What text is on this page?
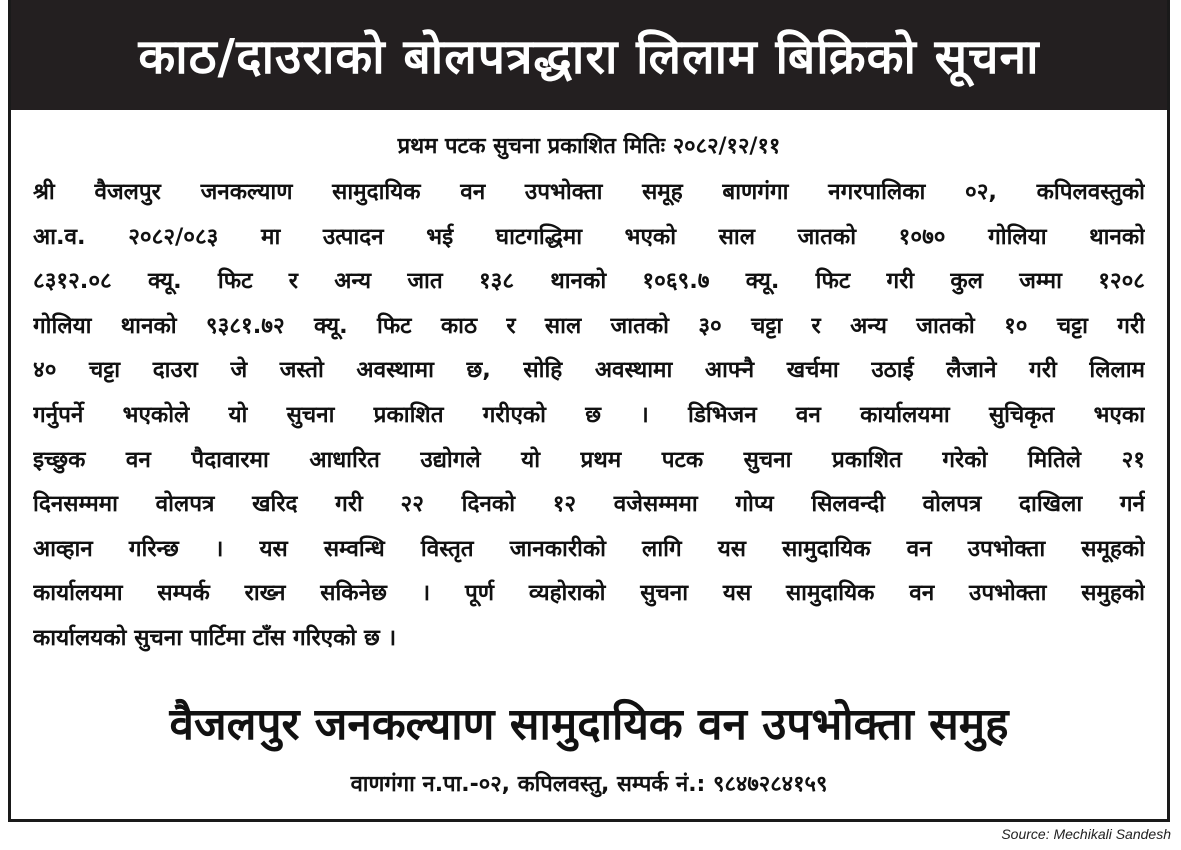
काठ/दाउराको बोलपत्रद्धारा लिलाम बिक्रिको सूचना
प्रथम पटक सुचना प्रकाशित मितिः २०८२/१२/११
श्री वैजलपुर जनकल्याण सामुदायिक वन उपभोक्ता समूह बाणगंगा नगरपालिका ०२, कपिलवस्तुको
आ.व. २०८२/०८३ मा उत्पादन भई घाटगद्धिमा भएको साल जातको १०७० गोलिया थानको
८३१२.०८ क्यू. फिट र अन्य जात १३८ थानको १०६९.७ क्यू. फिट गरी कुल जम्मा १२०८
गोलिया थानको ९३८१.७२ क्यू. फिट काठ र साल जातको ३० चट्टा र अन्य जातको १० चट्टा गरी
४० चट्टा दाउरा जे जस्तो अवस्थामा छ, सोहि अवस्थामा आफ्नै खर्चमा उठाई लैजाने गरी लिलाम
गर्नुपर्ने भएकोले यो सुचना प्रकाशित गरीएको छ । डिभिजन वन कार्यालयमा सुचिकृत भएका
इच्छुक वन पैदावारमा आधारित उद्योगले यो प्रथम पटक सुचना प्रकाशित गरेको मितिले २१
दिनसम्ममा वोलपत्र खरिद गरी २२ दिनको १२ वजेसम्ममा गोप्य सिलवन्दी वोलपत्र दाखिला गर्न
आव्हान गरिन्छ । यस सम्वन्धि विस्तृत जानकारीको लागि यस सामुदायिक वन उपभोक्ता समूहको
कार्यालयमा सम्पर्क राख्न सकिनेछ । पूर्ण व्यहोराको सुचना यस सामुदायिक वन उपभोक्ता समुहको
कार्यालयको सुचना पार्टिमा टाँस गरिएको छ ।
वैजलपुर जनकल्याण सामुदायिक वन उपभोक्ता समुह
वाणगंगा न.पा.-०२, कपिलवस्तु, सम्पर्क नं.: ९८४७२८४१५९
Source: Mechikali Sandesh
